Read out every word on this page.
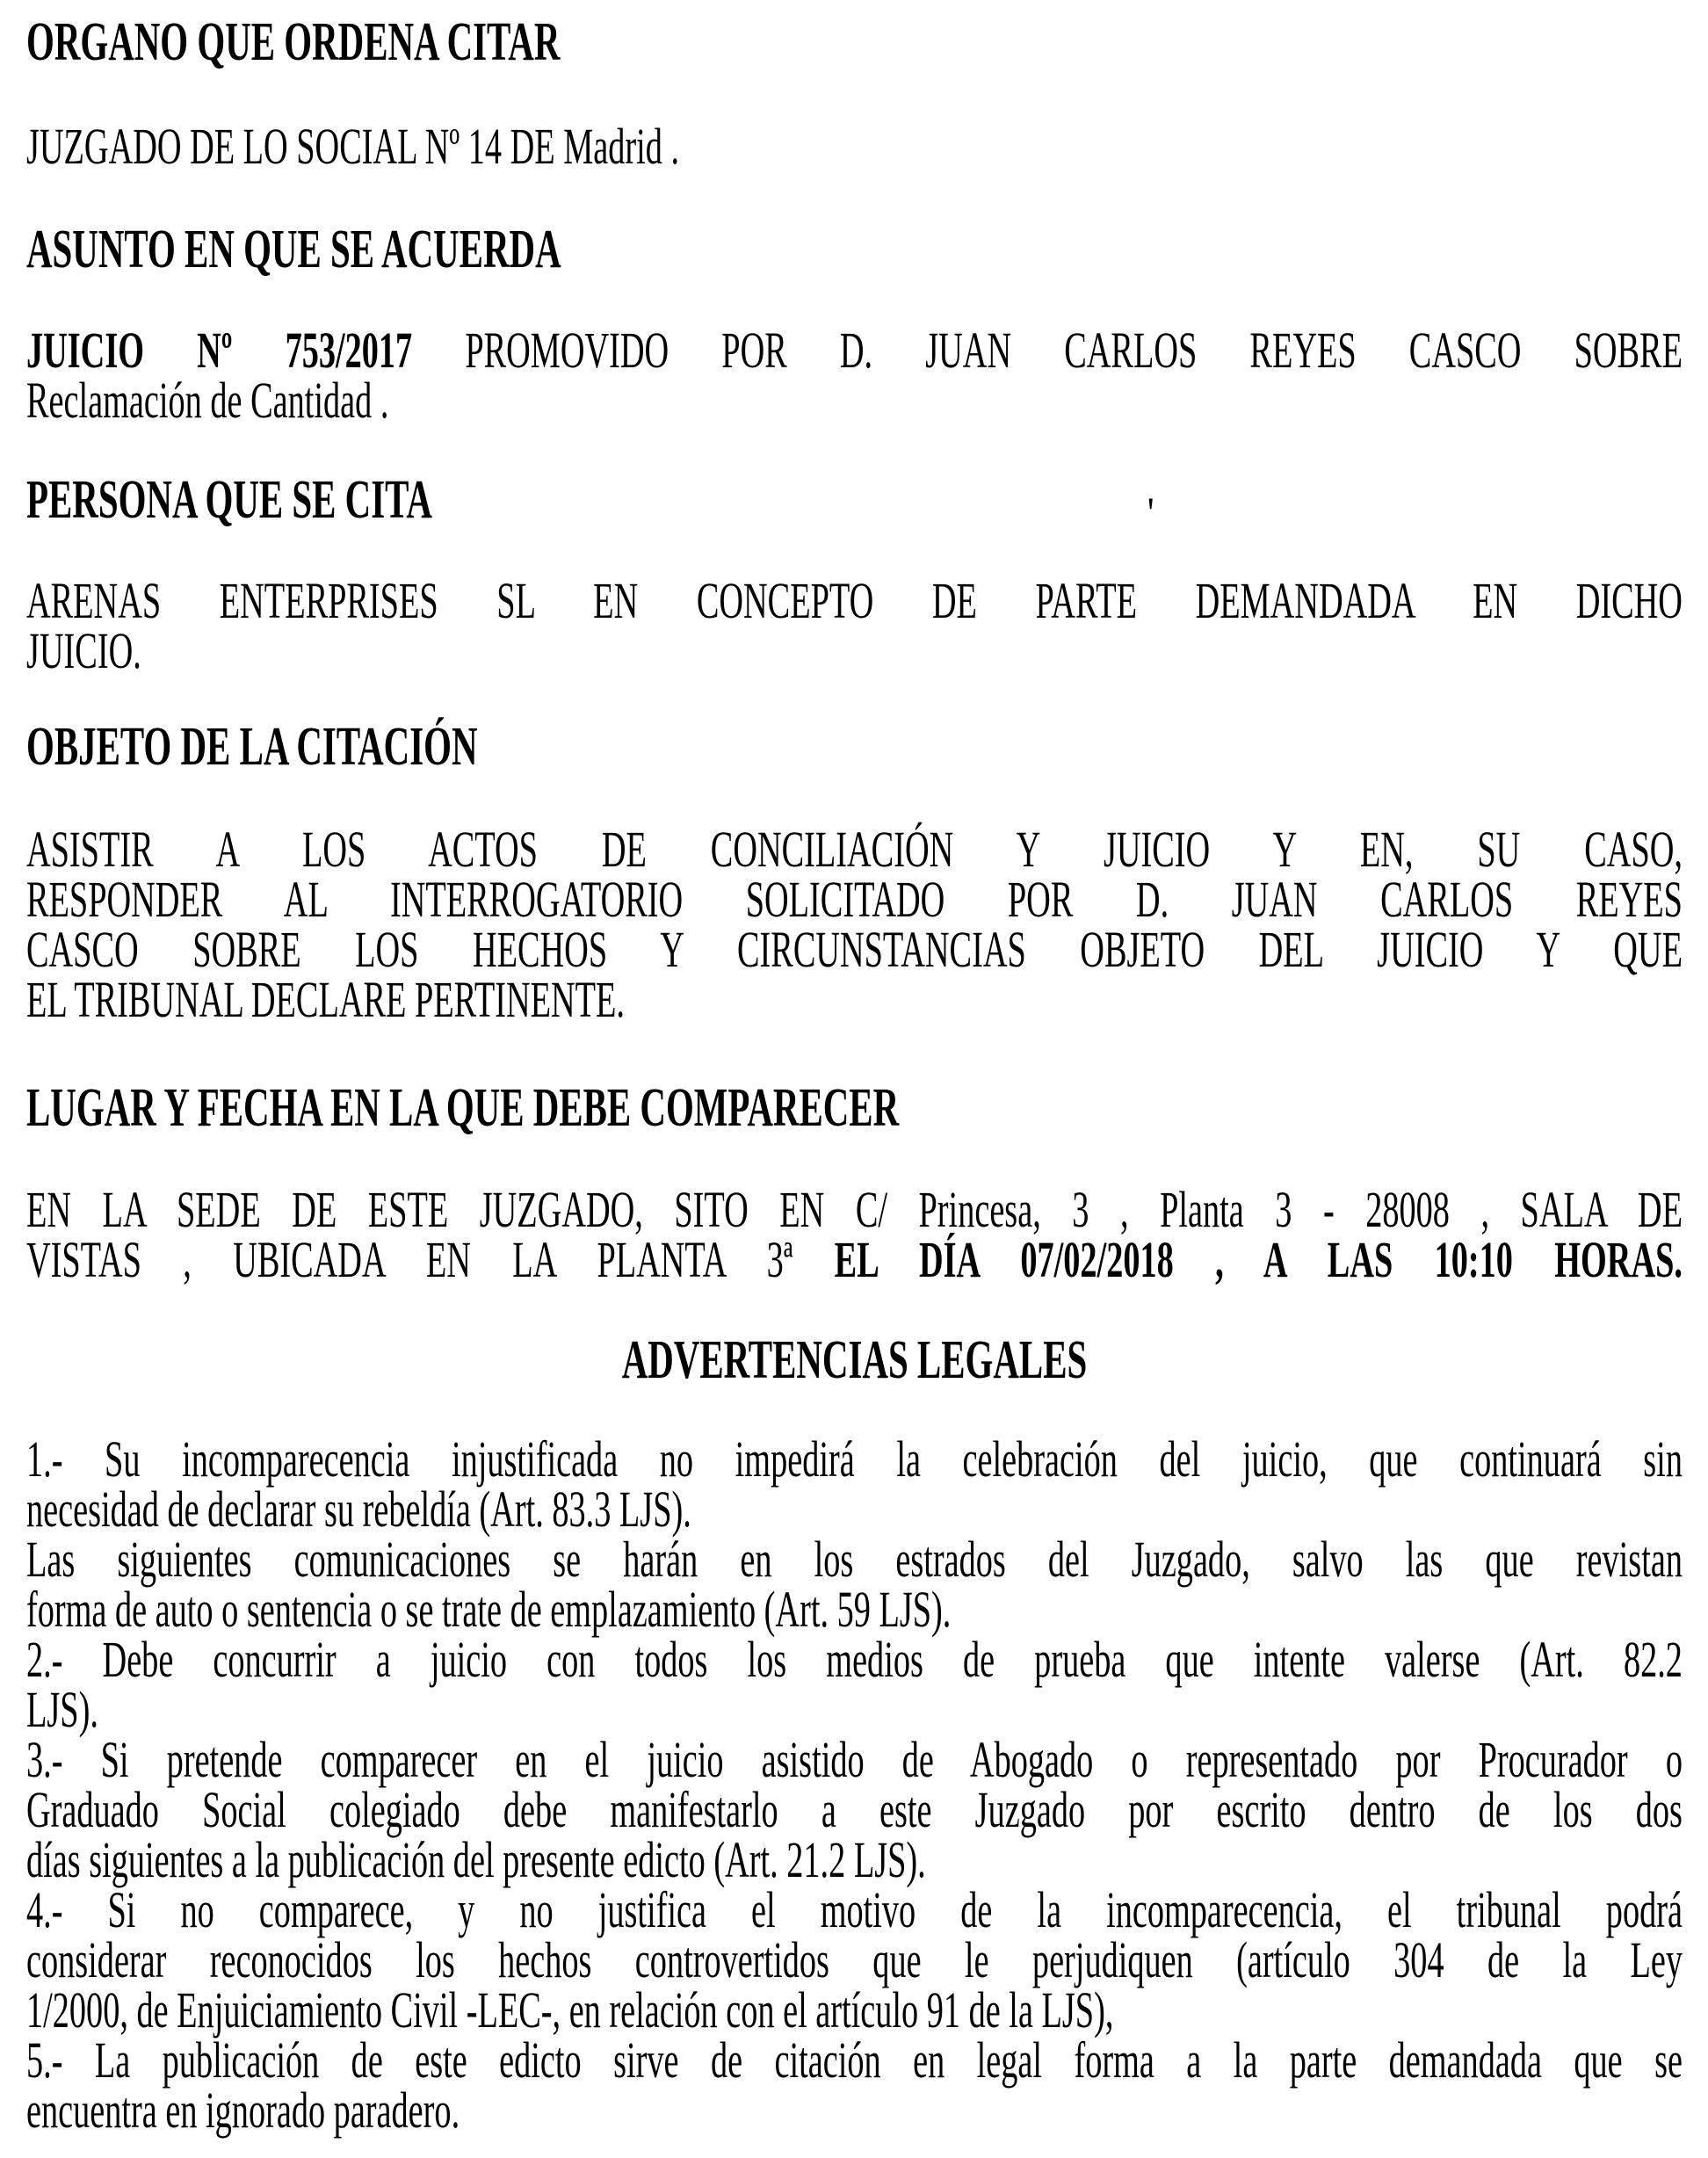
ORGANO QUE ORDENA CITAR
JUZGADO DE LO SOCIAL Nº 14 DE Madrid .
ASUNTO EN QUE SE ACUERDA
JUICIO Nº 753/2017 PROMOVIDO POR D. JUAN CARLOS REYES CASCO SOBRE
Reclamación de Cantidad .
PERSONA QUE SE CITA	'
ARENAS ENTERPRISES SL EN CONCEPTO DE PARTE DEMANDADA EN DICHO
JUICIO.
OBJETO DE LA CITACIÓN
ASISTIR A LOS ACTOS DE CONCILIACIÓN Y JUICIO Y EN, SU CASO,
RESPONDER AL INTERROGATORIO SOLICITADO POR D. JUAN CARLOS REYES
CASCO SOBRE LOS HECHOS Y CIRCUNSTANCIAS OBJETO DEL JUICIO Y QUE
EL TRIBUNAL DECLARE PERTINENTE.
LUGAR Y FECHA EN LA QUE DEBE COMPARECER
EN LA SEDE DE ESTE JUZGADO, SITO EN C/ Princesa, 3 , Planta 3 - 28008 , SALA DE
VISTAS , UBICADA EN LA PLANTA 3ª EL DÍA 07/02/2018 , A LAS 10:10 HORAS.
ADVERTENCIAS LEGALES
1.- Su incomparecencia injustificada no impedirá la celebración del juicio, que continuará sin
necesidad de declarar su rebeldía (Art. 83.3 LJS).
Las siguientes comunicaciones se harán en los estrados del Juzgado, salvo las que revistan
forma de auto o sentencia o se trate de emplazamiento (Art. 59 LJS).
2.- Debe concurrir a juicio con todos los medios de prueba que intente valerse (Art. 82.2
LJS).
3.- Si pretende comparecer en el juicio asistido de Abogado o representado por Procurador o
Graduado Social colegiado debe manifestarlo a este Juzgado por escrito dentro de los dos
días siguientes a la publicación del presente edicto (Art. 21.2 LJS).
4.- Si no comparece, y no justifica el motivo de la incomparecencia, el tribunal podrá
considerar reconocidos los hechos controvertidos que le perjudiquen (artículo 304 de la Ley
1/2000, de Enjuiciamiento Civil -LEC-, en relación con el artículo 91 de la LJS),
5.- La publicación de este edicto sirve de citación en legal forma a la parte demandada que se
encuentra en ignorado paradero.
